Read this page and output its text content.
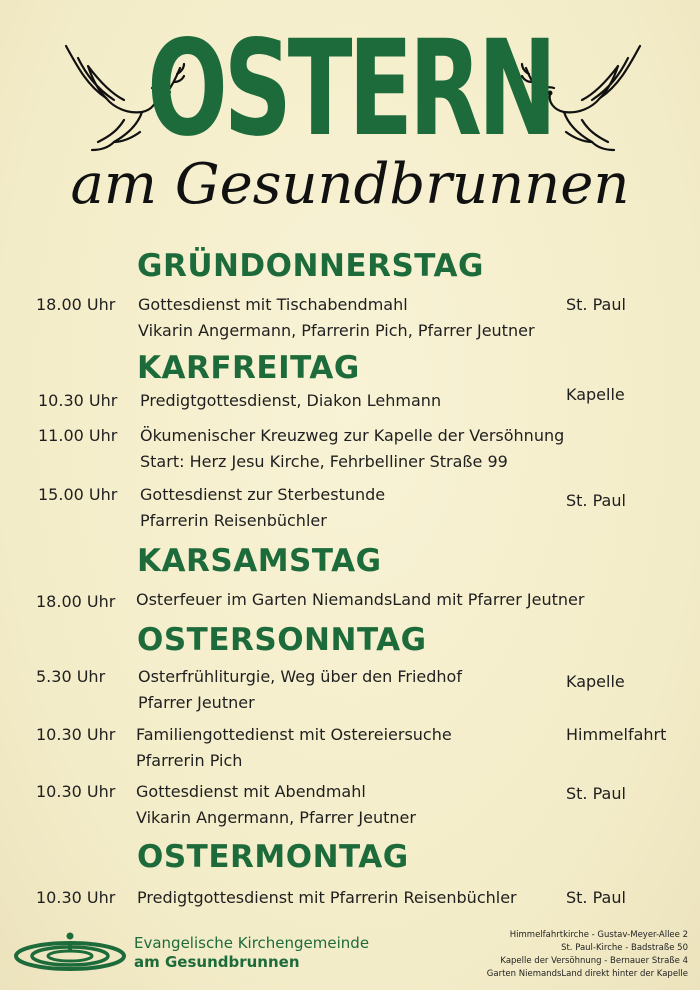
OSTERN
am Gesundbrunnen
GRÜNDONNERSTAG
18.00 Uhr Gottesdienst mit Tischabendmahl
Vikarin Angermann, Pfarrerin Pich, Pfarrer Jeutner
St. Paul
KARFREITAG
10.30 Uhr Predigtgottesdienst, Diakon Lehmann	Kapelle
11.00 Uhr Ökumenischer Kreuzweg zur Kapelle der Versöhnung
Start: Herz Jesu Kirche, Fehrbelliner Straße 99
15.00 Uhr Gottesdienst zur Sterbestunde
Pfarrerin Reisenbüchler
St. Paul
KARSAMSTAG
18.00 Uhr Osterfeuer im Garten NiemandsLand mit Pfarrer Jeutner
OSTERSONNTAG
5.30 Uhr Osterfrühliturgie, Weg über den Friedhof
Pfarrer Jeutner
Kapelle
10.30 Uhr Familiengottedienst mit Ostereiersuche
Pfarrerin Pich
Himmelfahrt
10.30 Uhr Gottesdienst mit Abendmahl
Vikarin Angermann, Pfarrer Jeutner
St. Paul
OSTERMONTAG
10.30 Uhr Predigtgottesdienst mit Pfarrerin Reisenbüchler	St. Paul
Evangelische Kirchengemeinde
am Gesundbrunnen
Himmelfahrtkirche - Gustav-Meyer-Allee 2
St. Paul-Kirche - Badstraße 50
Kapelle der Versöhnung - Bernauer Straße 4
Garten NiemandsLand direkt hinter der Kapelle
